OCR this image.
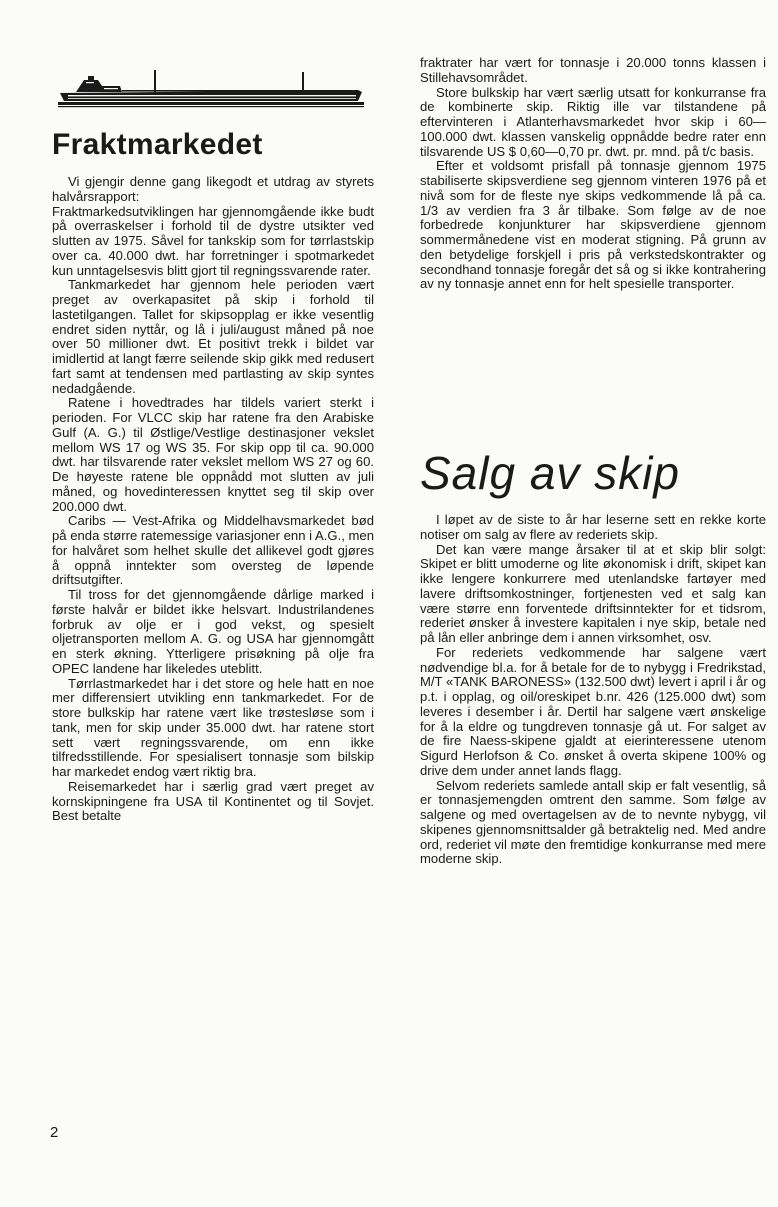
Fraktmarkedet

Vi gjengir denne gang likegodt et utdrag av styrets halvårsrapport:

Fraktmarkedsutviklingen har gjennomgående ikke budt på overraskelser i forhold til de dystre utsikter ved slutten av 1975. Såvel for tankskip som for tørrlastskip over ca. 40.000 dwt. har forretninger i spotmarkedet kun unntagelsesvis blitt gjort til regningssvarende rater.

Tankmarkedet har gjennom hele perioden vært preget av overkapasitet på skip i forhold til lastetilgangen. Tallet for skipsopplag er ikke vesentlig endret siden nyttår, og lå i juli/august måned på noe over 50 millioner dwt. Et positivt trekk i bildet var imidlertid at langt færre seilende skip gikk med redusert fart samt at tendensen med partlasting av skip syntes nedadgående.

Ratene i hovedtrades har tildels variert sterkt i perioden. For VLCC skip har ratene fra den Arabiske Gulf (A. G.) til Østlige/Vestlige destinasjoner vekslet mellom WS 17 og WS 35. For skip opp til ca. 90.000 dwt. har tilsvarende rater vekslet mellom WS 27 og 60. De høyeste ratene ble oppnådd mot slutten av juli måned, og hovedinteressen knyttet seg til skip over 200.000 dwt.

Caribs — Vest-Afrika og Middelhavsmarkedet bød på enda større ratemessige variasjoner enn i A.G., men for halvåret som helhet skulle det allikevel godt gjøres å oppnå inntekter som oversteg de løpende driftsutgifter.

Til tross for det gjennomgående dårlige marked i første halvår er bildet ikke helsvart. Industrilandenes forbruk av olje er i god vekst, og spesielt oljetransporten mellom A. G. og USA har gjennomgått en sterk økning. Ytterligere prisøkning på olje fra OPEC landene har likeledes uteblitt.

Tørrlastmarkedet har i det store og hele hatt en noe mer differensiert utvikling enn tankmarkedet. For de store bulkskip har ratene vært like trøstesløse som i tank, men for skip under 35.000 dwt. har ratene stort sett vært regningssvarende, om enn ikke tilfredsstillende. For spesialisert tonnasje som bilskip har markedet endog vært riktig bra.

Reisemarkedet har i særlig grad vært preget av kornskipningene fra USA til Kontinentet og til Sovjet. Best betalte

fraktrater har vært for tonnasje i 20.000 tonns klassen i Stillehavsområdet.

Store bulkskip har vært særlig utsatt for konkurranse fra de kombinerte skip. Riktig ille var tilstandene på eftervinteren i Atlanterhavsmarkedet hvor skip i 60—100.000 dwt. klassen vanskelig oppnådde bedre rater enn tilsvarende US $ 0,60—0,70 pr. dwt. pr. mnd. på t/c basis.

Efter et voldsomt prisfall på tonnasje gjennom 1975 stabiliserte skipsverdiene seg gjennom vinteren 1976 på et nivå som for de fleste nye skips vedkommende lå på ca. 1/3 av verdien fra 3 år tilbake. Som følge av de noe forbedrede konjunkturer har skipsverdiene gjennom sommermånedene vist en moderat stigning. På grunn av den betydelige forskjell i pris på verkstedskontrakter og secondhand tonnasje foregår det så og si ikke kontrahering av ny tonnasje annet enn for helt spesielle transporter.

Salg av skip

I løpet av de siste to år har leserne sett en rekke korte notiser om salg av flere av rederiets skip.

Det kan være mange årsaker til at et skip blir solgt: Skipet er blitt umoderne og lite økonomisk i drift, skipet kan ikke lengere konkurrere med utenlandske fartøyer med lavere driftsomkostninger, fortjenesten ved et salg kan være større enn forventede driftsinntekter for et tidsrom, rederiet ønsker å investere kapitalen i nye skip, betale ned på lån eller anbringe dem i annen virksomhet, osv.

For rederiets vedkommende har salgene vært nødvendige bl.a. for å betale for de to nybygg i Fredrikstad, M/T «TANK BARONESS» (132.500 dwt) levert i april i år og p.t. i opplag, og oil/oreskipet b.nr. 426 (125.000 dwt) som leveres i desember i år. Dertil har salgene vært ønskelige for å la eldre og tungdreven tonnasje gå ut. For salget av de fire Naess-skipene gjaldt at eierinteressene utenom Sigurd Herlofson & Co. ønsket å overta skipene 100% og drive dem under annet lands flagg.

Selvom rederiets samlede antall skip er falt vesentlig, så er tonnasjemengden omtrent den samme. Som følge av salgene og med overtagelsen av de to nevnte nybygg, vil skipenes gjennomsnittsalder gå betraktelig ned. Med andre ord, rederiet vil møte den fremtidige konkurranse med mere moderne skip.

2
